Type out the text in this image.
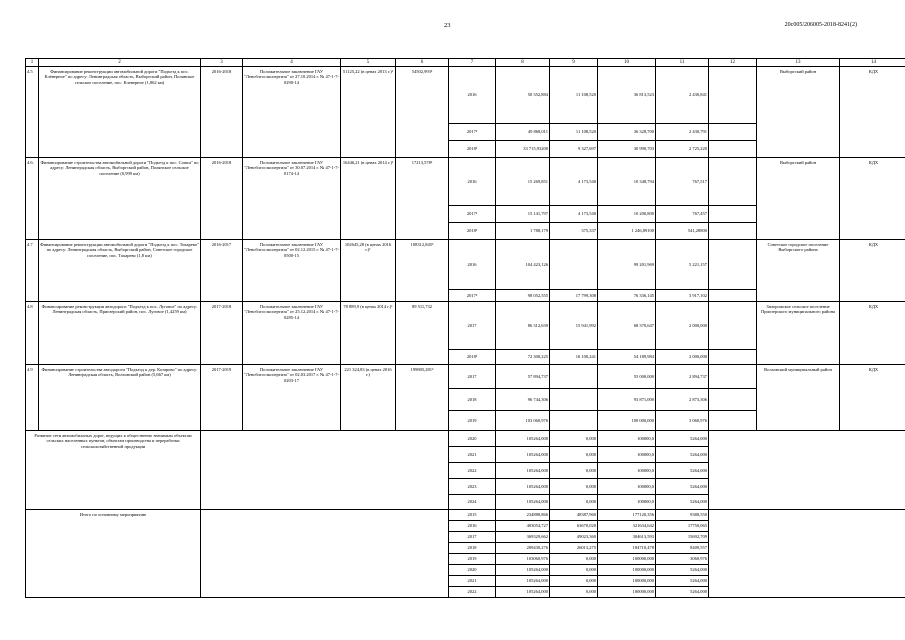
23	20с005/206005-2018-8241(2)
1	2	3	4	5	6	7	8	9	10	11	12	13	14
4.5	Финансирование реконструкции автомобильной дороги "Подъезд к пос. Клёверное" по адресу: Ленинградская область, Выборгский район, Полянское сельское поселение, пос. Клеверное (1,862 км)	2016-2018	Положительное заключение ГАУ "Леноблгосэкспертиза" от 27.10.2014 г. № 47-1-7-0290-14	51125,22 (в ценах 2013 г.)¹	54502,993²	2016	50 352,884	11 108,520	36 813,523	2 430,841		Выборгский район	КДХ
						2017²	49 868,011	11 108,520	36 328,700	2 430,791			
						2018²	33 715,93200	9 327,697	30 990,703	2 725,220			
4.6.	Финансирование строительства автомобильной дороги "Подъезд к пос. Сопки" по адресу: Ленинградская область, Выборгский район, Полянское сельское поселение (0,999 км)	2016-2018	Положительное заключение ГАУ "Леноблгосэкспертиза" от 30.07.2014 г. № 47-1-7-0174-14	16446,21 (в ценах 2014 г.)¹	17213,578²	2016	15 269,851	4 173,540	10 348,794	767,517		Выборгский район	КДХ
						2017²	15 141,797	4 173,540	10 200,800	767,457			
						2018²	1 788,179	375,337	1 246,89100	541,28800			
4.7	Финансирование реконструкции автомобильной дороги "Подъезд к пос. Токарево" по адресу: Ленинградская область, Выборгский район, Советское городское поселение, пос. Токарево (1,8 км)	2016-2017	Положительное заключение ГАУ "Леноблгосэкспертиза" от 02.12.2015 г. № 47-1-7-0500-15	102645,28 (в ценах 2016 г.)¹	108312,845²	2016	104 423,126		99 201,969	5 221,157		Советское городское поселение Выборгского района	КДХ
						2017²	98 052,555	17 799,308	76 336,145	3 917,102			
4.8	Финансирование реконструкции автодороги "Подъезд к пос. Луговое" по адресу: Ленинградская область, Приозерский район, пос. Луговое (1,4259 км)	2017-2018	Положительное заключение ГАУ "Леноблгосэкспертиза" от 25.12.2014 г. № 47-1-7-0285-14	78 889,9 (в ценах 2014 г.)¹	89 511,732	2017	86 312,639	15 941,992	68 370,647	2 000,000		Запорожское сельское поселение Приозерского муниципального района	КДХ
						2018²	72 300,225	16 100,241	54 189,984	2 000,000			
4.9	Финансирование строительства автодороги "Подъезд к дер. Козарово" по адресу: Ленинградская область, Волховский район (5,667 км)	2017-2019	Положительное заключение ГАУ "Леноблгосэкспертиза" от 02.03.2017 г. № 47-1-7-0203-17	221 324,83 (в ценах 2016 г.)	199805,281²	2017	57 894,737		55 000,000	2 894,737		Волховский муниципальный район	КДХ
						2018	96 744,306		93 871,000	2 873,306			
						2019	103 060,976		100 000,000	3 060,976			
Развитие сети автомобильных дорог, ведущих к общественно значимым объектам сельских населенных пунктов, объектам производства и переработки сельскохозяйственной продукции						2020	105264,000	0,000	100000,0	5264,000			
						2021	105264,000	0,000	100000,0	5264,000			
						2022	105264,000	0,000	100000,0	5264,000			
						2023	105264,000	0,000	100000,0	5264,000			
						2024	105264,000	0,000	100000,0	5264,000			
Итого по основному мероприятию						2015	234888,866	48387,960	177120,356	9380,550			
						2016	403054,727	63670,020	321634,642	17750,065			
						2017	369329,662	49023,360	304613,593	15692,709			
						2018	209430,276	26013,275	184710,478	8409,557			
						2019	103060,976	0,000	100000,000	3060,976			
						2020	105264,000	0,000	100000,000	5264,000			
						2021	105264,000	0,000	100000,000	5264,000			
						2022	105264,000	0,000	100000,000	5264,000			
